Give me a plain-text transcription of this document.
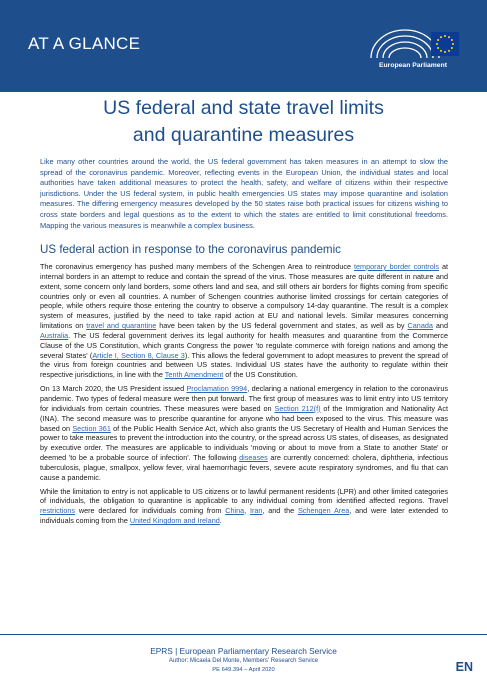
AT A GLANCE
European Parliament
US federal and state travel limits
and quarantine measures
Like many other countries around the world, the US federal government has taken measures in an attempt to slow the spread of the coronavirus pandemic. Moreover, reflecting events in the European Union, the individual states and local authorities have taken additional measures to protect the health, safety, and welfare of citizens within their respective jurisdictions. Under the US federal system, in public health emergencies US states may impose quarantine and isolation measures. The differing emergency measures developed by the 50 states raise both practical issues for citizens wishing to cross state borders and legal questions as to the extent to which the states are entitled to limit constitutional freedoms. Mapping the various measures is meanwhile a complex business.
US federal action in response to the coronavirus pandemic

The coronavirus emergency has pushed many members of the Schengen Area to reintroduce temporary border controls at internal borders in an attempt to reduce and contain the spread of the virus. Those measures are quite different in nature and extent, some concern only land borders, some others land and sea, and still others air borders for flights coming from specific countries only or even all countries. A number of Schengen countries authorise limited crossings for certain categories of people, while others require those entering the country to observe a compulsory 14-day quarantine. The result is a complex system of measures, justified by the need to take rapid action at EU and national levels. Similar measures concerning limitations on travel and quarantine have been taken by the US federal government and states, as well as by Canada and Australia. The US federal government derives its legal authority for health measures and quarantine from the Commerce Clause of the US Constitution, which grants Congress the power 'to regulate commerce with foreign nations and among the several States' (Article I, Section 8, Clause 3). This allows the federal government to adopt measures to prevent the spread of the virus from foreign countries and between US states. Individual US states have the authority to regulate within their respective jurisdictions, in line with the Tenth Amendment of the US Constitution.

On 13 March 2020, the US President issued Proclamation 9994, declaring a national emergency in relation to the coronavirus pandemic. Two types of federal measure were then put forward. The first group of measures was to limit entry into US territory for individuals from certain countries. These measures were based on Section 212(f) of the Immigration and Nationality Act (INA). The second measure was to prescribe quarantine for anyone who had been exposed to the virus. This measure was based on Section 361 of the Public Health Service Act, which also grants the US Secretary of Health and Human Services the power to take measures to prevent the introduction into the country, or the spread across US states, of diseases, as designated by executive order. The measures are applicable to individuals 'moving or about to move from a State to another State' or deemed 'to be a probable source of infection'. The following diseases are currently concerned: cholera, diphtheria, infectious tuberculosis, plague, smallpox, yellow fever, viral haemorrhagic fevers, severe acute respiratory syndromes, and flu that can cause a pandemic.

While the limitation to entry is not applicable to US citizens or to lawful permanent residents (LPR) and other limited categories of individuals, the obligation to quarantine is applicable to any individual coming from identified affected regions. Travel restrictions were declared for individuals coming from China, Iran, and the Schengen Area, and were later extended to individuals coming from the United Kingdom and Ireland.

EPRS | European Parliamentary Research Service
Author: Micaela Del Monte, Members' Research Service
PE 649.394 – April 2020	EN
